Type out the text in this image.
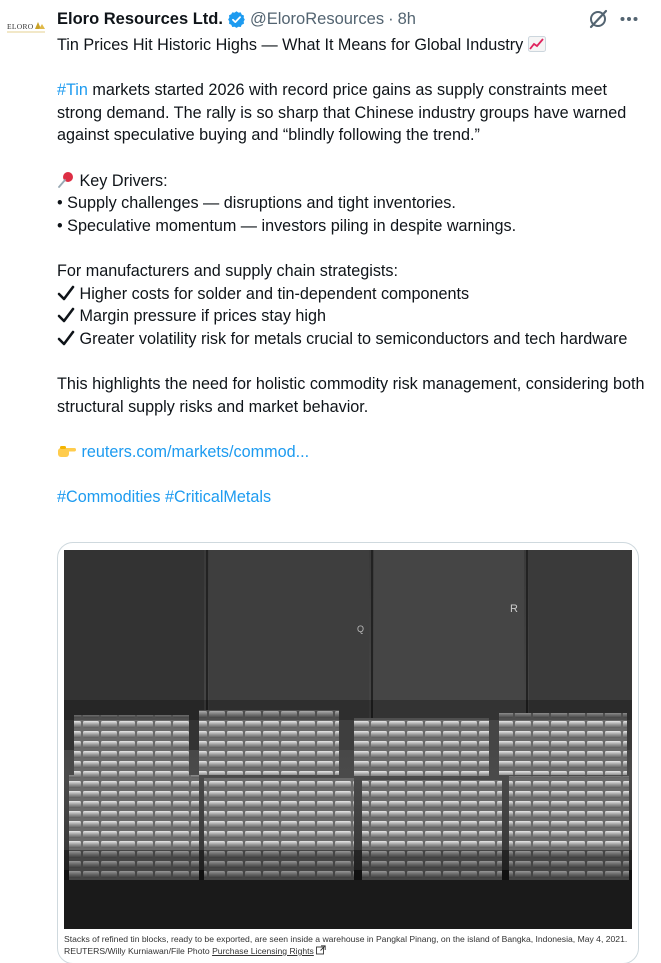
ELORO Eloro Resources Ltd. @EloroResources · 8h

Tin Prices Hit Historic Highs — What It Means for Global Industry

#Tin markets started 2026 with record price gains as supply constraints meet strong demand. The rally is so sharp that Chinese industry groups have warned against speculative buying and “blindly following the trend.”

Key Drivers:

• Supply challenges — disruptions and tight inventories.

• Speculative momentum — investors piling in despite warnings.

For manufacturers and supply chain strategists:

Higher costs for solder and tin-dependent components

Margin pressure if prices stay high

Greater volatility risk for metals crucial to semiconductors and tech hardware

This highlights the need for holistic commodity risk management, considering both structural supply risks and market behavior.

reuters.com/markets/commod...

#Commodities #CriticalMetals

Q
R
Stacks of refined tin blocks, ready to be exported, are seen inside a warehouse in Pangkal Pinang, on the island of Bangka, Indonesia, May 4, 2021. REUTERS/Willy Kurniawan/File Photo Purchase Licensing Rights
